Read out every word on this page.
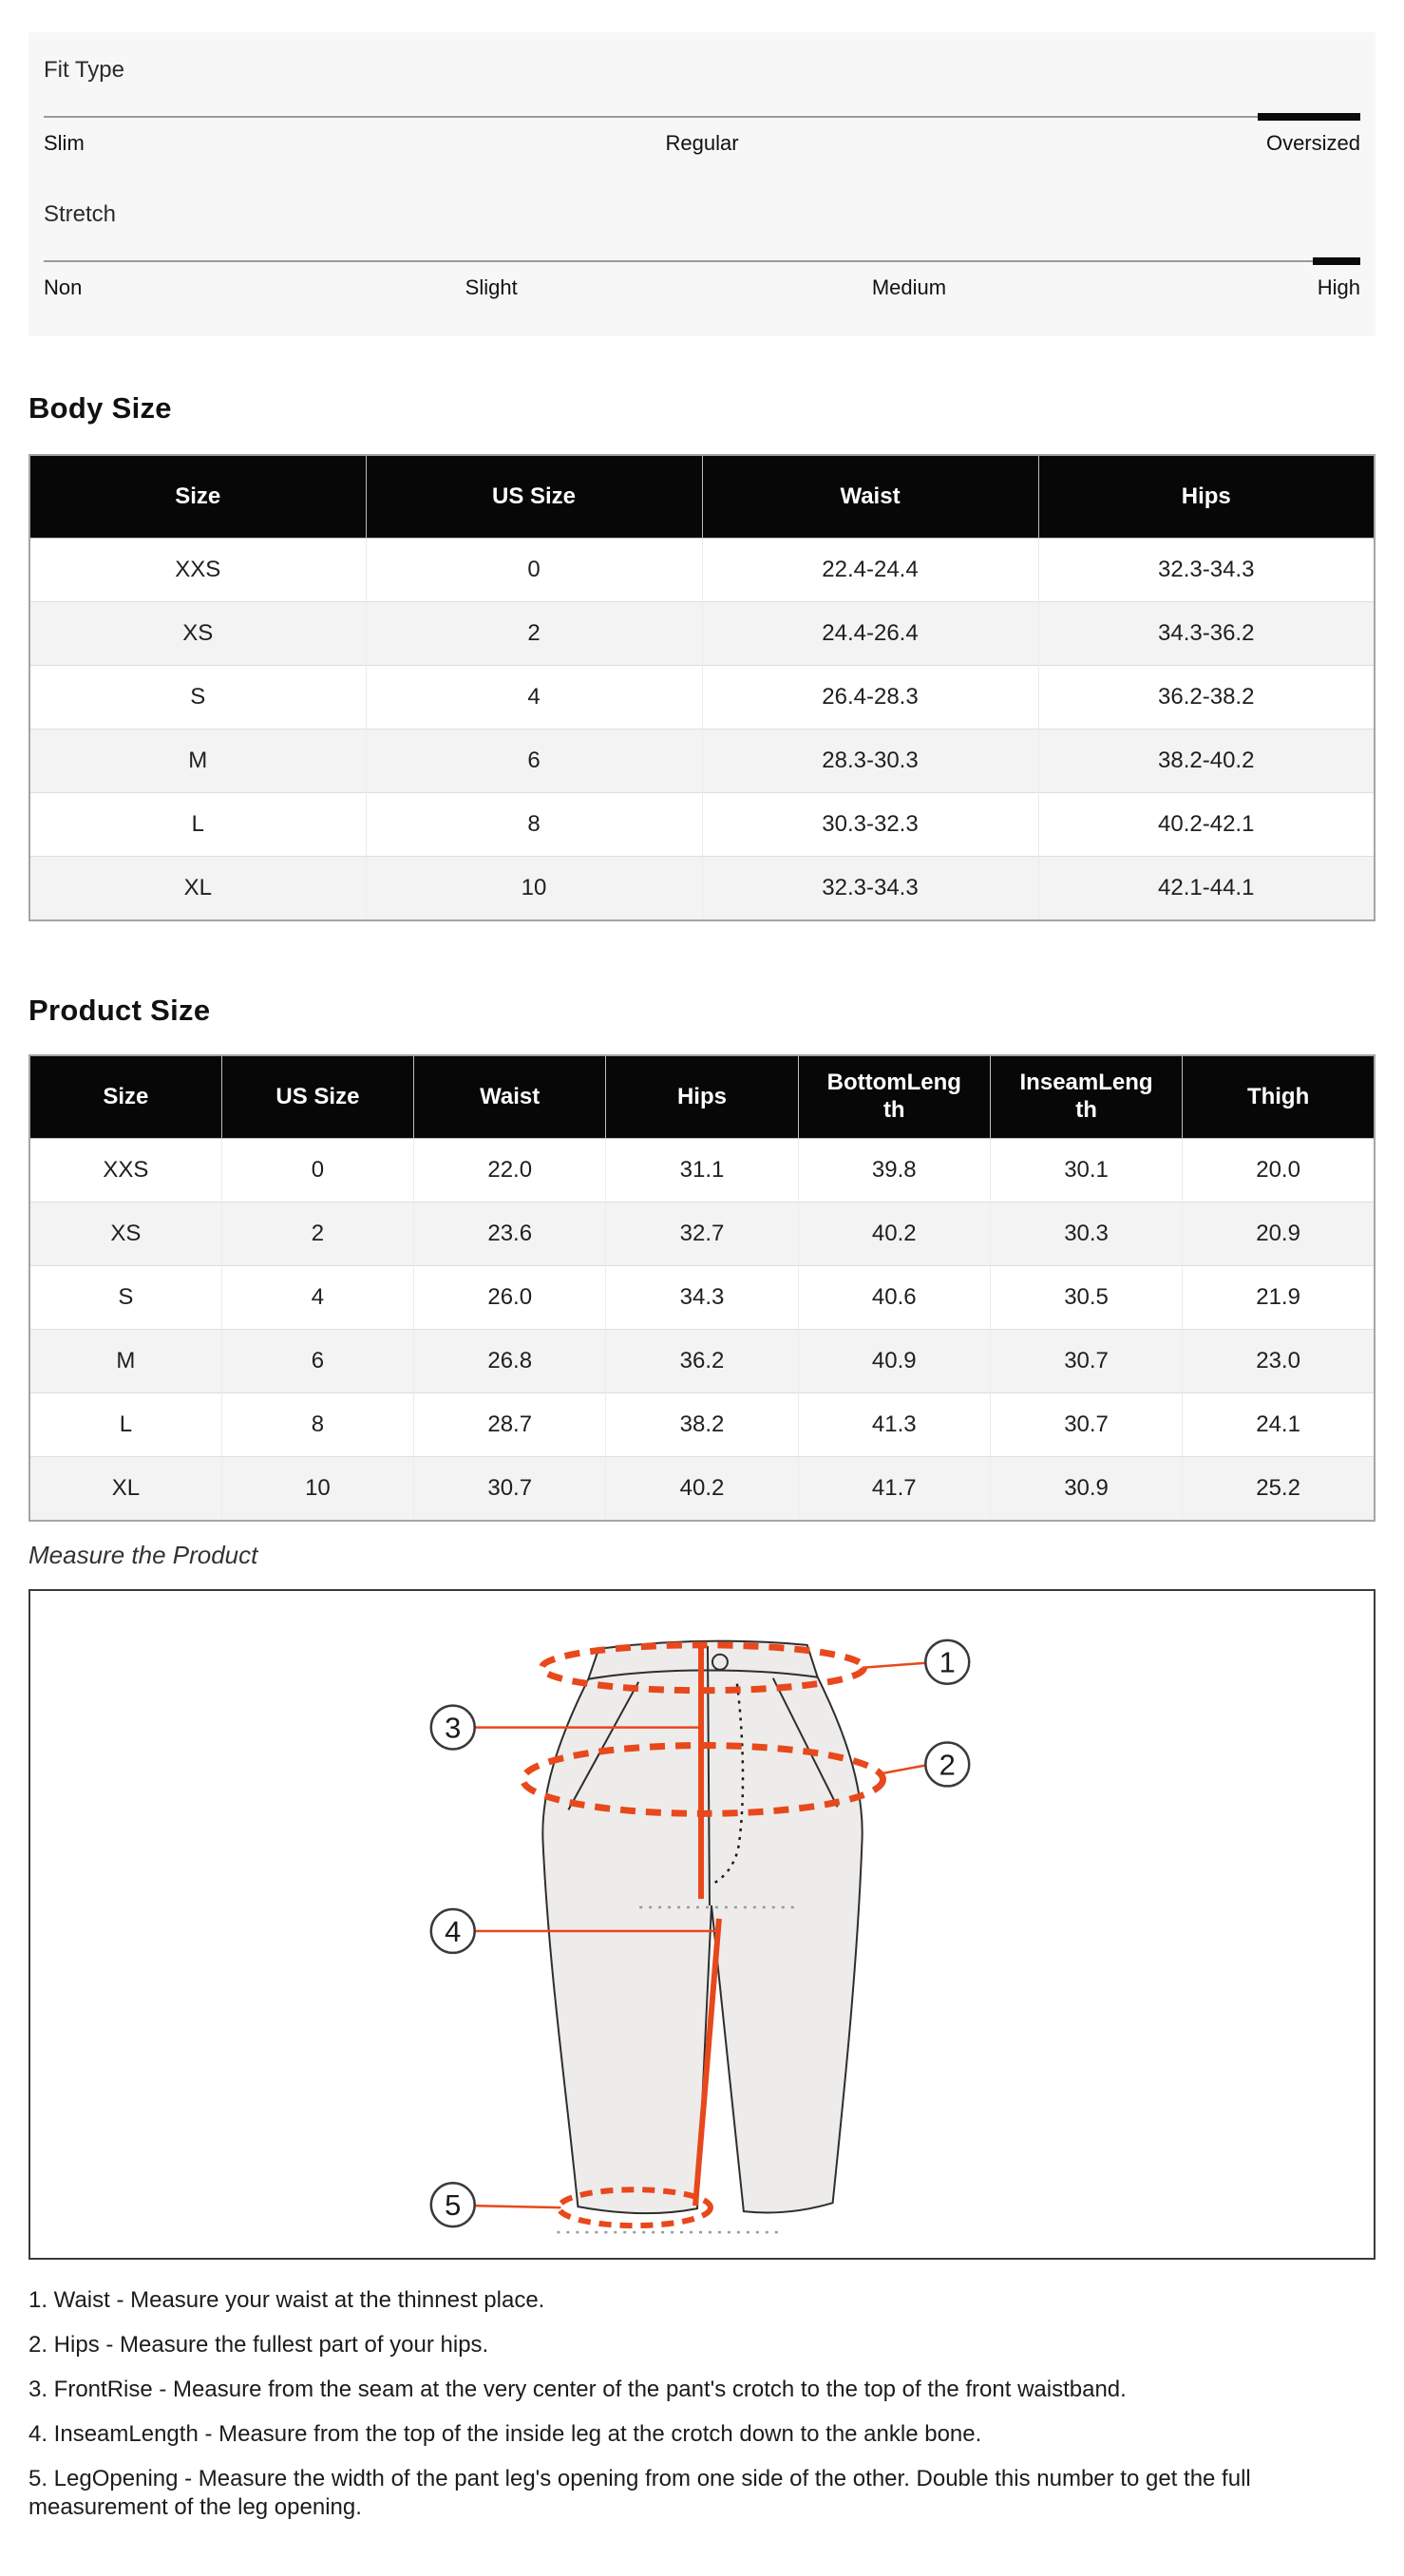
Fit Type
Slim	Regular	Oversized
Stretch
Non	Slight	Medium	High
Body Size
Size	US Size	Waist	Hips
XXS	0	22.4-24.4	32.3-34.3
XS	2	24.4-26.4	34.3-36.2
S	4	26.4-28.3	36.2-38.2
M	6	28.3-30.3	38.2-40.2
L	8	30.3-32.3	40.2-42.1
XL	10	32.3-34.3	42.1-44.1
Product Size
Size	US Size	Waist	Hips	BottomLength	InseamLength	Thigh
XXS	0	22.0	31.1	39.8	30.1	20.0
XS	2	23.6	32.7	40.2	30.3	20.9
S	4	26.0	34.3	40.6	30.5	21.9
M	6	26.8	36.2	40.9	30.7	23.0
L	8	28.7	38.2	41.3	30.7	24.1
XL	10	30.7	40.2	41.7	30.9	25.2
Measure the Product
1
2
3
4
5
1. Waist - Measure your waist at the thinnest place.
2. Hips - Measure the fullest part of your hips.
3. FrontRise - Measure from the seam at the very center of the pant's crotch to the top of the front waistband.
4. InseamLength - Measure from the top of the inside leg at the crotch down to the ankle bone.
5. LegOpening - Measure the width of the pant leg's opening from one side of the other. Double this number to get the full measurement of the leg opening.
